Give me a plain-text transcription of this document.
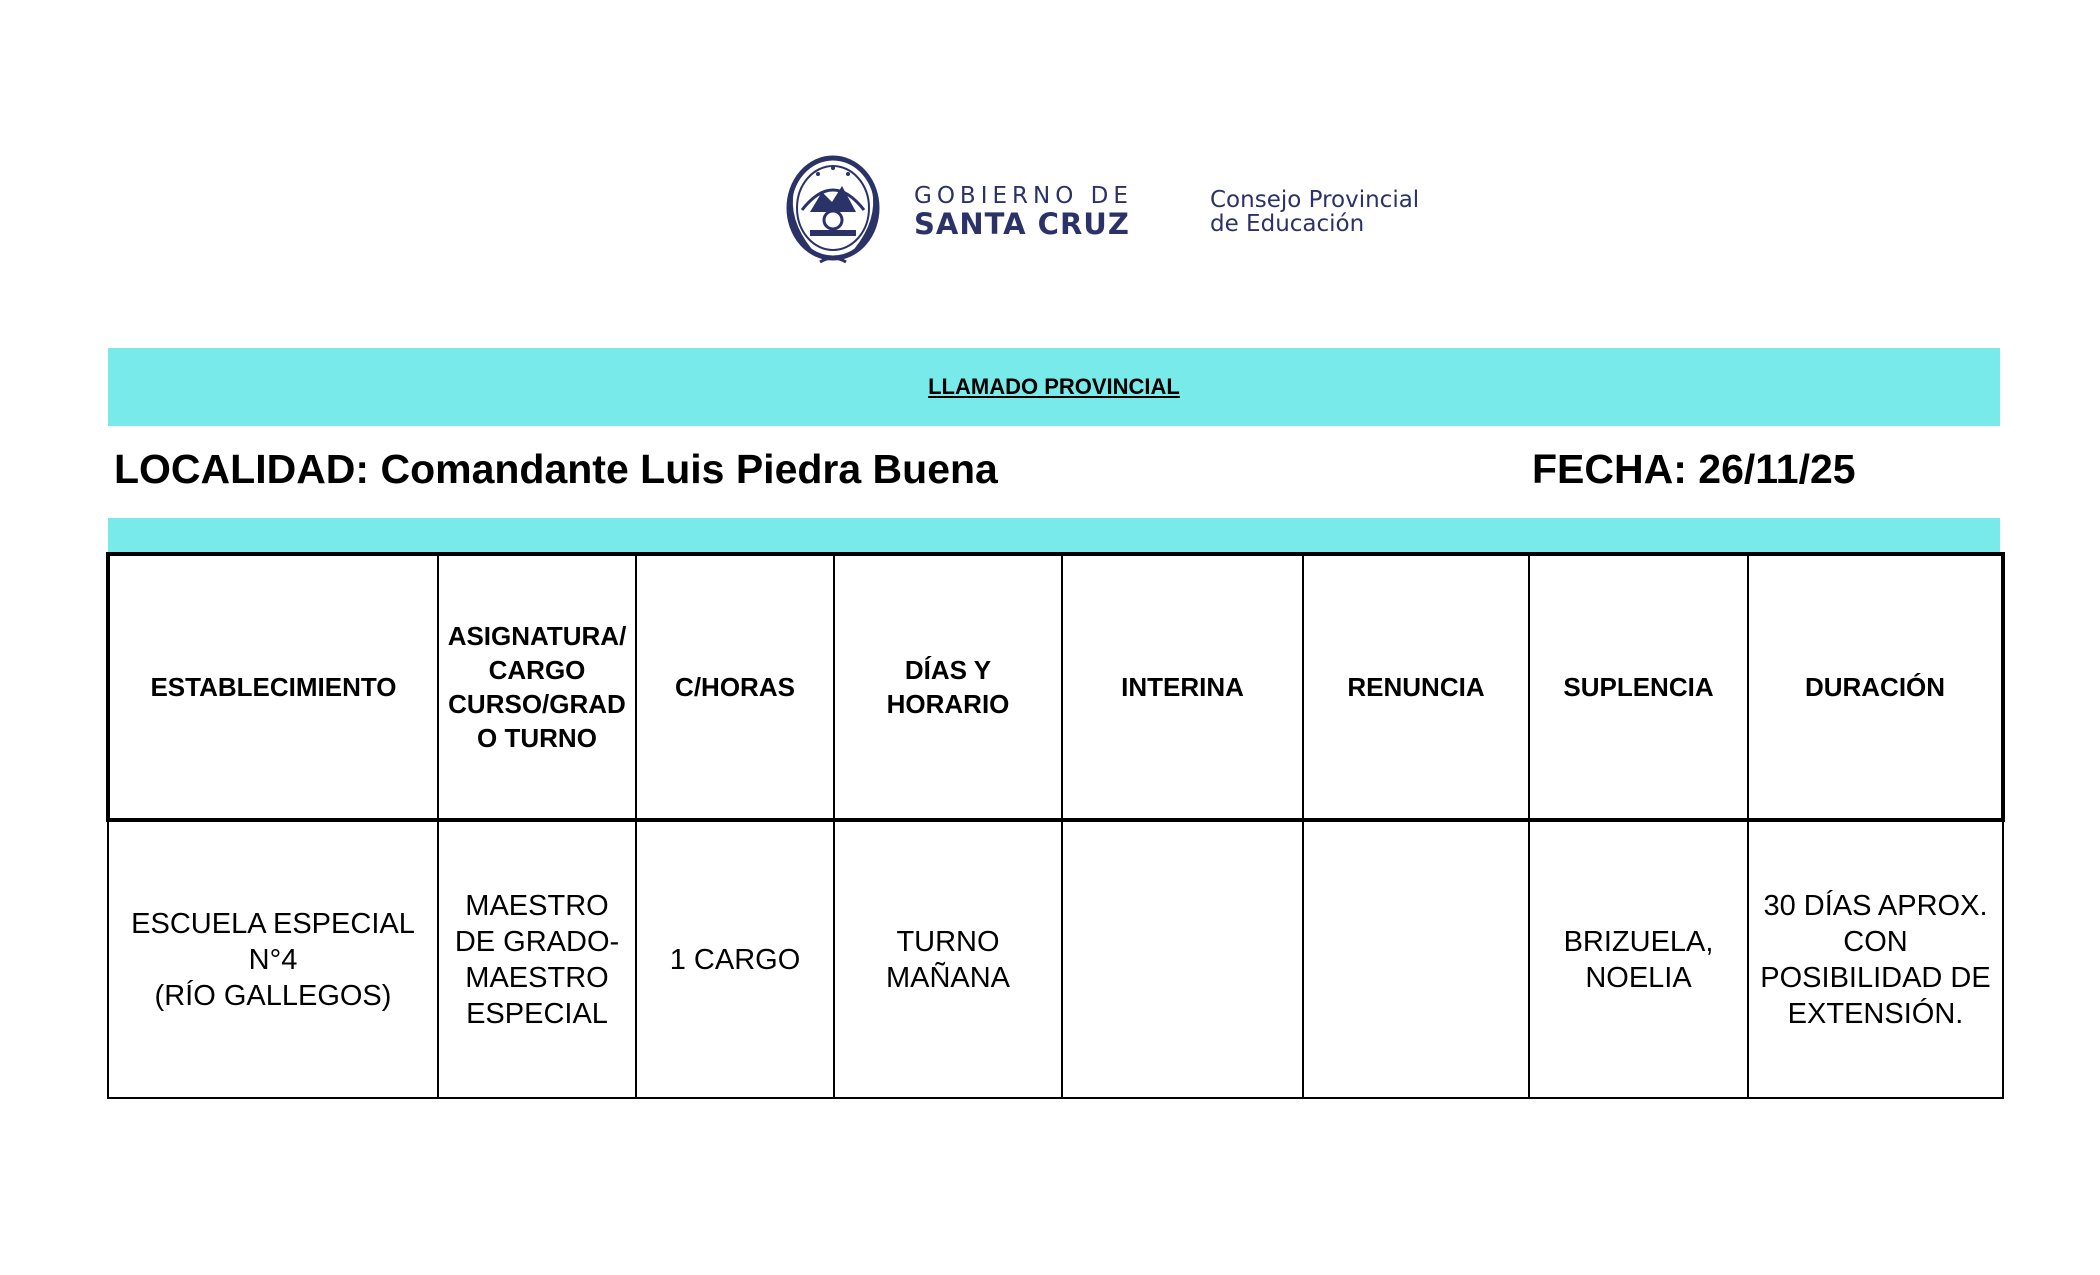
GOBIERNO DE
SANTA CRUZ
Consejo Provincial
de Educación
LLAMADO PROVINCIAL
LOCALIDAD: Comandante Luis Piedra Buena	FECHA: 26/11/25
ESTABLECIMIENTO	ASIGNATURA/
CARGO
CURSO/GRAD
O TURNO	C/HORAS	DÍAS Y
HORARIO	INTERINA	RENUNCIA	SUPLENCIA	DURACIÓN
ESCUELA ESPECIAL
N°4
(RÍO GALLEGOS)	MAESTRO
DE GRADO-
MAESTRO
ESPECIAL	1 CARGO	TURNO
MAÑANA			BRIZUELA,
NOELIA	30 DÍAS APROX.
CON
POSIBILIDAD DE
EXTENSIÓN.
